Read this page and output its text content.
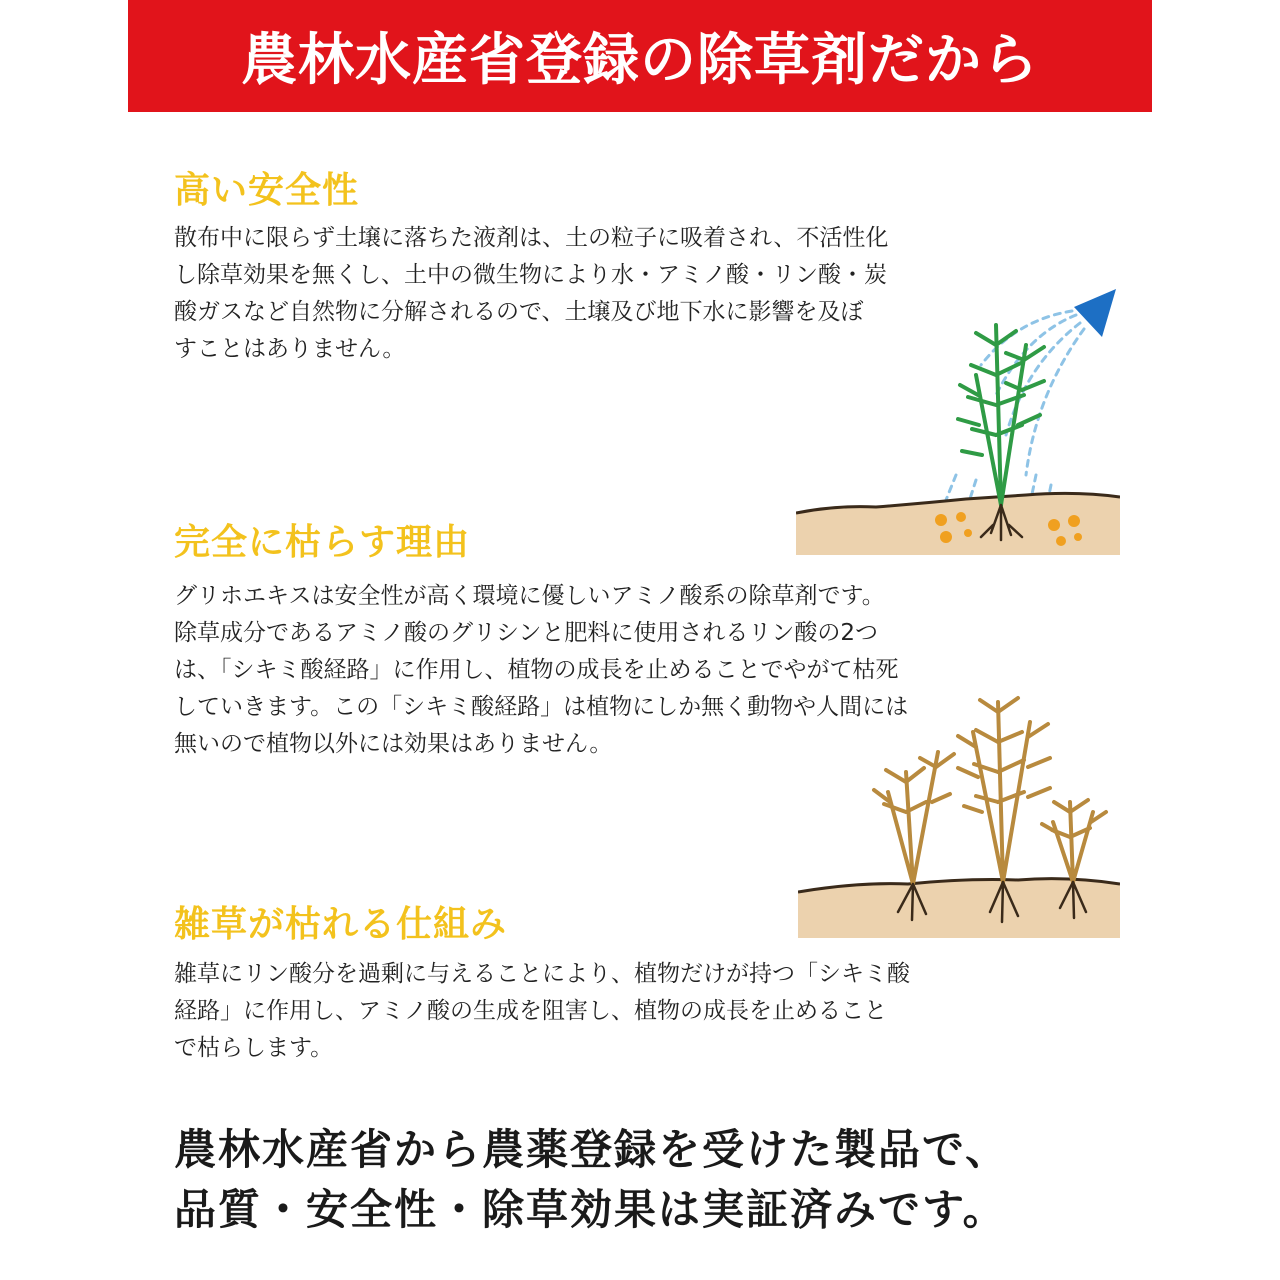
農林水産省登録の除草剤だから
高い安全性

散布中に限らず土壌に落ちた液剤は、土の粒子に吸着され、不活性化
し除草効果を無くし、土中の微生物により水・アミノ酸・リン酸・炭
酸ガスなど自然物に分解されるので、土壌及び地下水に影響を及ぼ
すことはありません。

完全に枯らす理由

グリホエキスは安全性が高く環境に優しいアミノ酸系の除草剤です。
除草成分であるアミノ酸のグリシンと肥料に使用されるリン酸の2つ
は、「シキミ酸経路」に作用し、植物の成長を止めることでやがて枯死
していきます。この「シキミ酸経路」は植物にしか無く動物や人間には
無いので植物以外には効果はありません。

雑草が枯れる仕組み

雑草にリン酸分を過剰に与えることにより、植物だけが持つ「シキミ酸
経路」に作用し、アミノ酸の生成を阻害し、植物の成長を止めること
で枯らします。

農林水産省から農薬登録を受けた製品で、
品質・安全性・除草効果は実証済みです。
